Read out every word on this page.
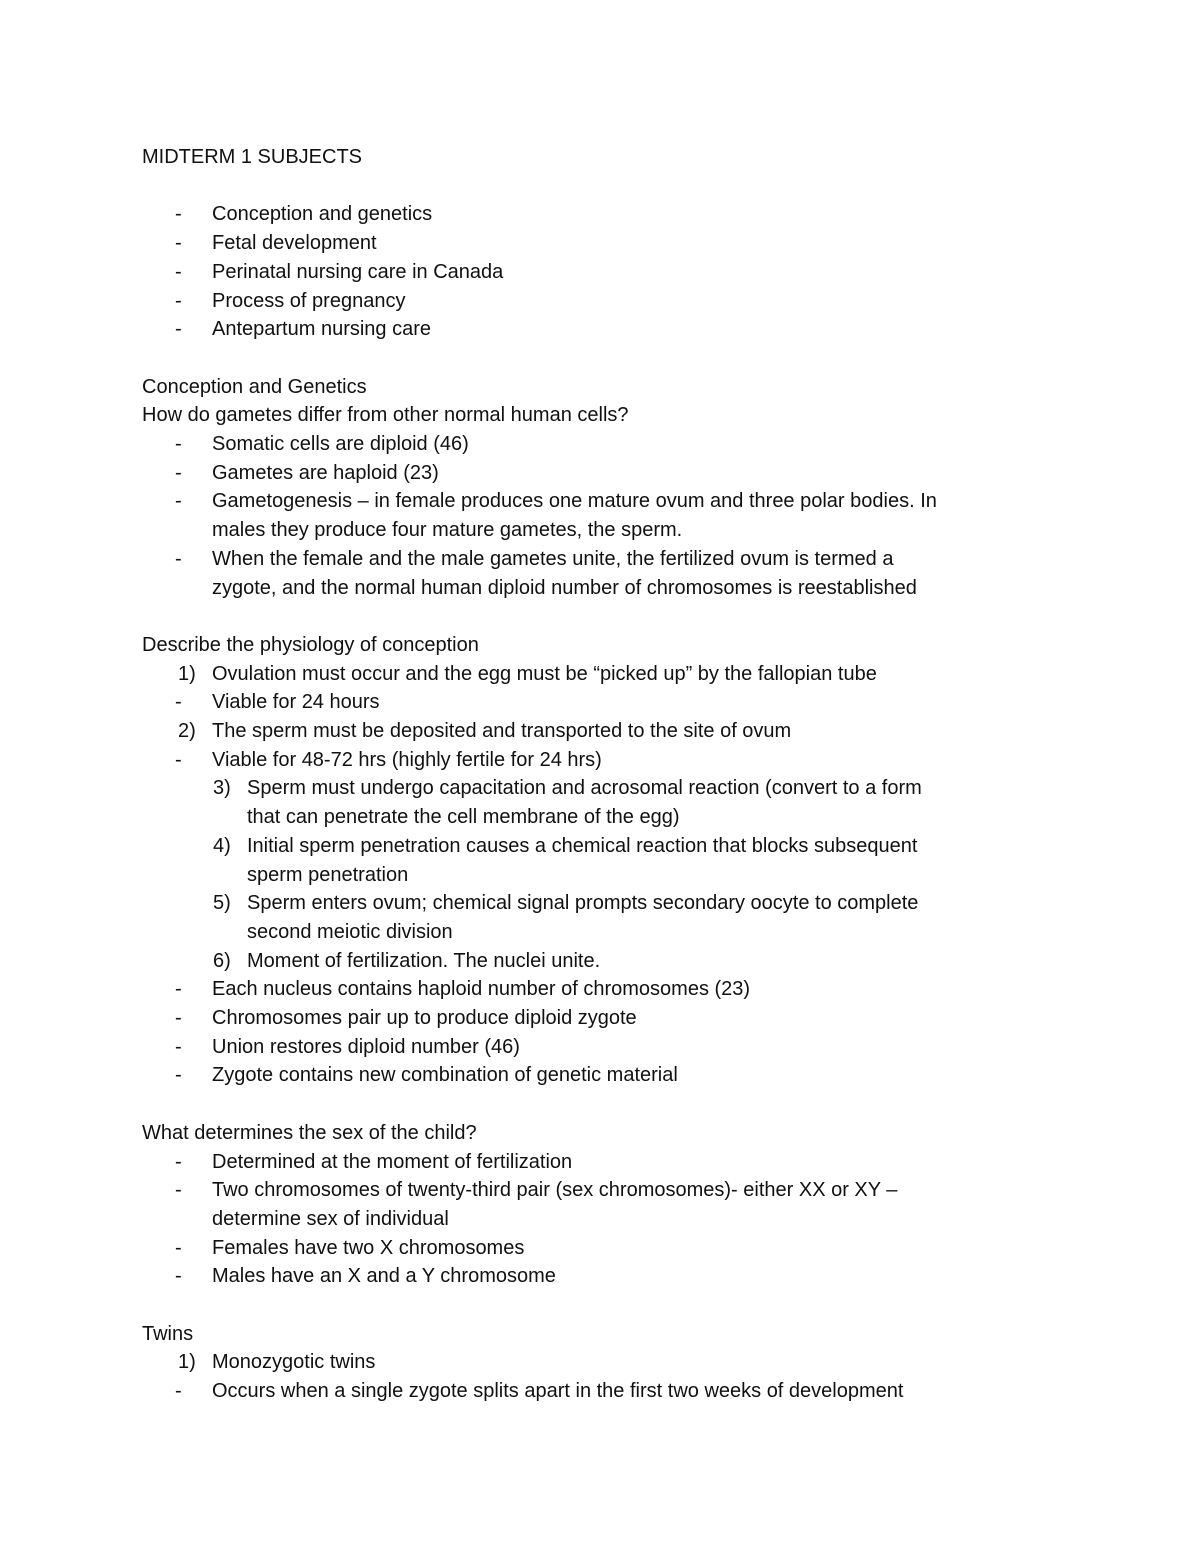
MIDTERM 1 SUBJECTS
- Conception and genetics
- Fetal development
- Perinatal nursing care in Canada
- Process of pregnancy
- Antepartum nursing care
Conception and Genetics
How do gametes differ from other normal human cells?
- Somatic cells are diploid (46)
- Gametes are haploid (23)
- Gametogenesis – in female produces one mature ovum and three polar bodies. In
males they produce four mature gametes, the sperm.
- When the female and the male gametes unite, the fertilized ovum is termed a
zygote, and the normal human diploid number of chromosomes is reestablished
Describe the physiology of conception
1) Ovulation must occur and the egg must be “picked up” by the fallopian tube
- Viable for 24 hours
2) The sperm must be deposited and transported to the site of ovum
- Viable for 48-72 hrs (highly fertile for 24 hrs)
3) Sperm must undergo capacitation and acrosomal reaction (convert to a form
that can penetrate the cell membrane of the egg)
4) Initial sperm penetration causes a chemical reaction that blocks subsequent
sperm penetration
5) Sperm enters ovum; chemical signal prompts secondary oocyte to complete
second meiotic division
6) Moment of fertilization. The nuclei unite.
- Each nucleus contains haploid number of chromosomes (23)
- Chromosomes pair up to produce diploid zygote
- Union restores diploid number (46)
- Zygote contains new combination of genetic material
What determines the sex of the child?
- Determined at the moment of fertilization
- Two chromosomes of twenty-third pair (sex chromosomes)- either XX or XY –
determine sex of individual
- Females have two X chromosomes
- Males have an X and a Y chromosome
Twins
1) Monozygotic twins
- Occurs when a single zygote splits apart in the first two weeks of development
